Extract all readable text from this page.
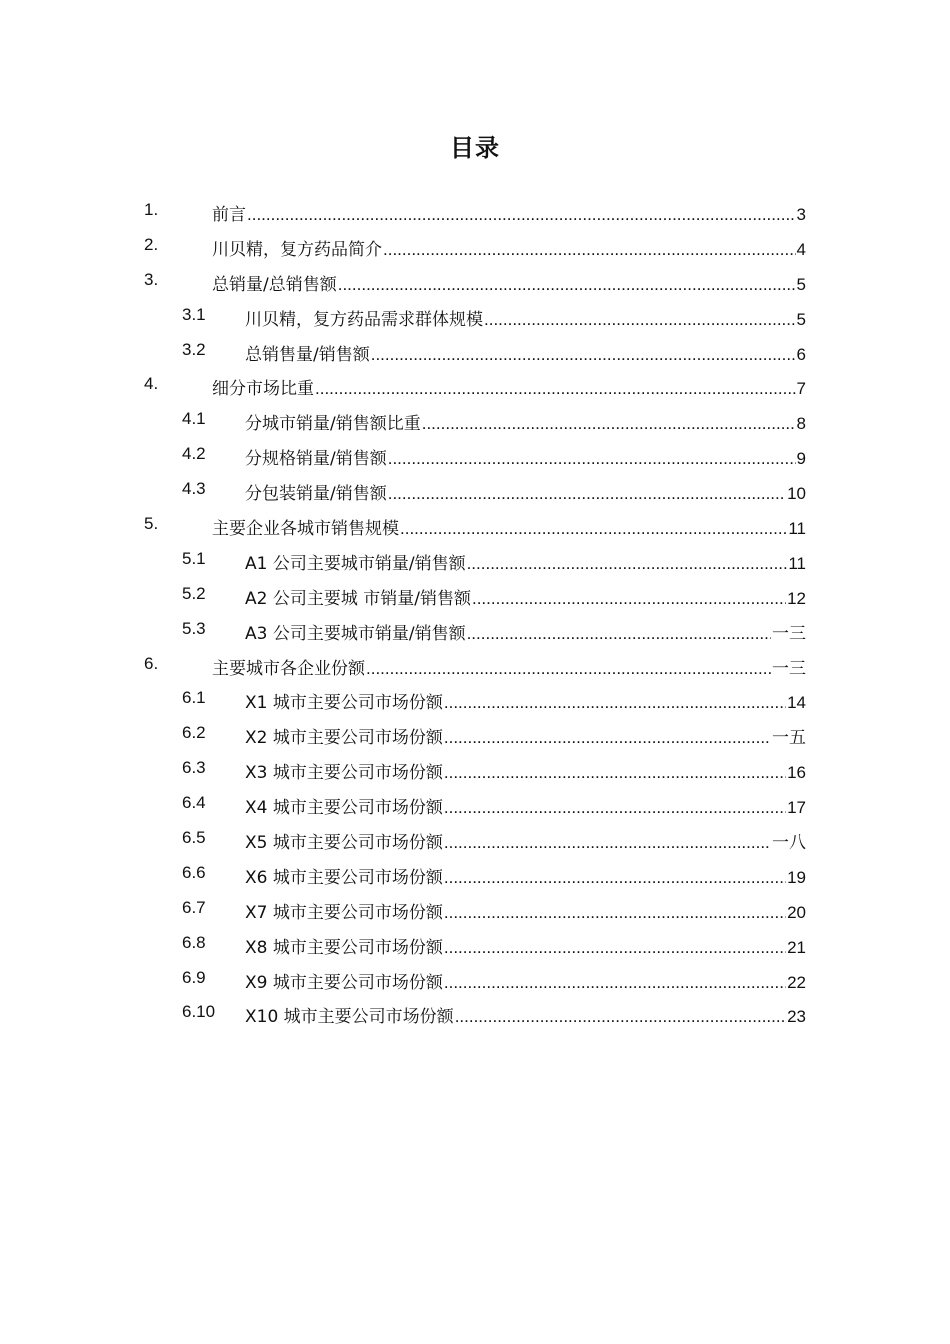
目录
1.	前言 .....	3
2.	川贝精，复方药品简介 .....	4
3.	总销量/总销售额 .....	5
3.1 川贝精，复方药品需求群体规模 .....	5
3.2 总销售量/销售额 .....	6
4.	细分市场比重 .....	7
4.1 分城市销量/销售额比重 .....	8
4.2 分规格销量/销售额 .....	9
4.3 分包装销量/销售额 .....	10
5.	主要企业各城市销售规模 .....	11
5.1 A1 公司主要城市销量/销售额 .....	11
5.2 A2 公司主要城 市销量/销售额 .....	12
5.3 A3 公司主要城市销量/销售额 .....	一三
6.	主要城市各企业份额 .....	一三
6.1 X1 城市主要公司市场份额 .....	14
6.2 X2 城市主要公司市场份额 .....	一五
6.3 X3 城市主要公司市场份额 .....	16
6.4 X4 城市主要公司市场份额 .....	17
6.5 X5 城市主要公司市场份额 .....	一八
6.6 X6 城市主要公司市场份额 .....	19
6.7 X7 城市主要公司市场份额 .....	20
6.8 X8 城市主要公司市场份额 .....	21
6.9 X9 城市主要公司市场份额 .....	22
6.10 X10 城市主要公司市场份额 .....	23
